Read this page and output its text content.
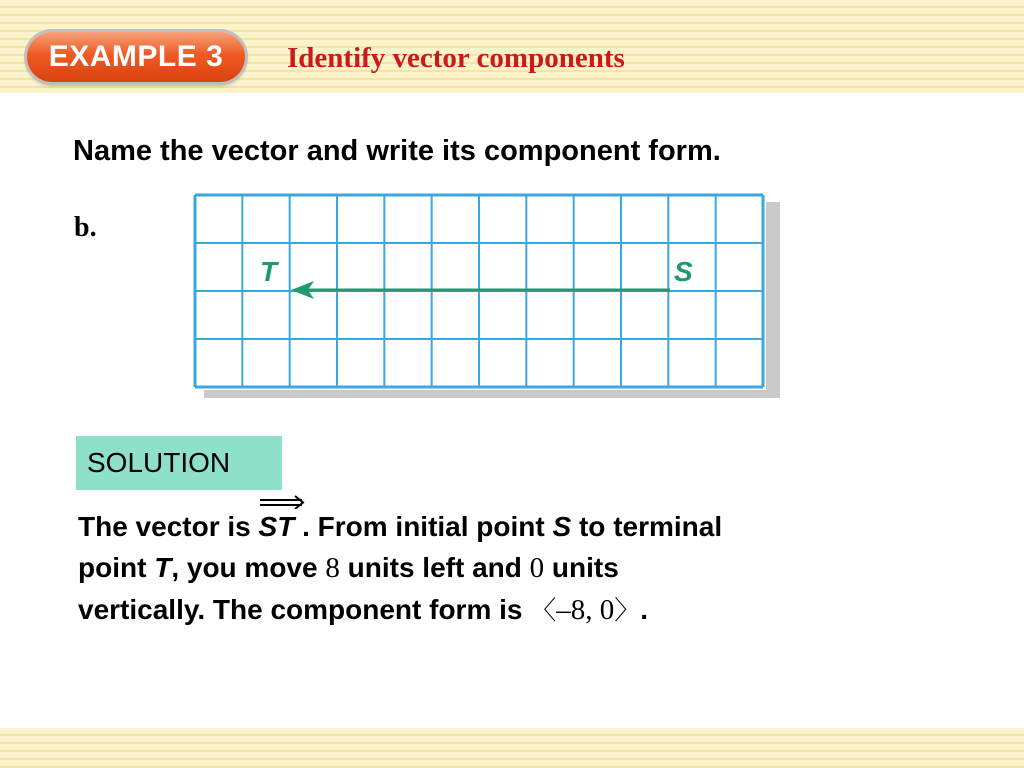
EXAMPLE 3 Identify vector components
Name the vector and write its component form.
b.
T	S
SOLUTION
The vector is
ST . From initial point S to terminal
point T, you move 8 units left and 0 units
vertically. The component form is 〈–8, 0〉.
